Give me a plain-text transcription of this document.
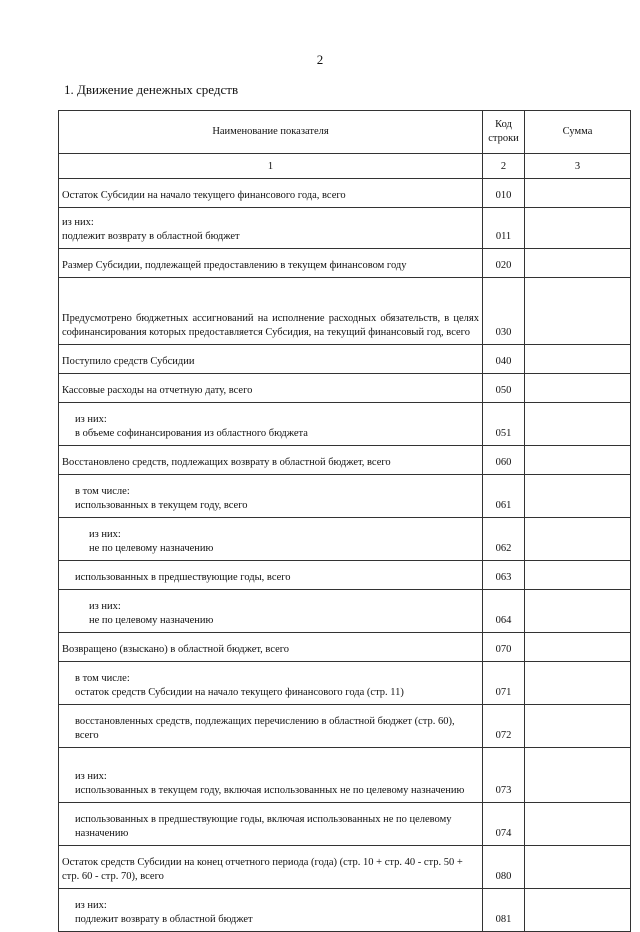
2
1. Движение денежных средств
Наименование показателя	Код строки	Сумма
1	2	3

Остаток Субсидии на начало текущего финансового года, всего	010	

из них:
подлежит возврату в областной бюджет	011	

Размер Субсидии, подлежащей предоставлению в текущем финансовом году	020	

Предусмотрено бюджетных ассигнований на исполнение расходных обязательств, в целях софинансирования которых предоставляется Субсидия, на текущий финансовый год, всего	030	

Поступило средств Субсидии	040	

Кассовые расходы на отчетную дату, всего	050	

из них:
в объеме софинансирования из областного бюджета	051	

Восстановлено средств, подлежащих возврату в областной бюджет, всего	060	

в том числе:
использованных в текущем году, всего	061	

из них:
не по целевому назначению	062	

использованных в предшествующие годы, всего	063	

из них:
не по целевому назначению	064	

Возвращено (взыскано) в областной бюджет, всего	070	

в том числе:
остаток средств Субсидии на начало текущего финансового года (стр. 11)	071	

восстановленных средств, подлежащих перечислению в областной бюджет (стр. 60), всего	072	

из них:
использованных в текущем году, включая использованных не по целевому назначению	073	

использованных в предшествующие годы, включая использованных не по целевому назначению	074	

Остаток средств Субсидии на конец отчетного периода (года) (стр. 10 + стр. 40 - стр. 50 + стр. 60 - стр. 70), всего	080	

из них:
подлежит возврату в областной бюджет	081	
